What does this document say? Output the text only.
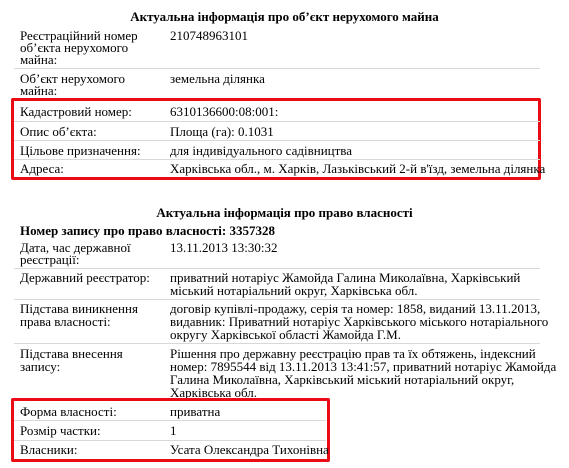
Актуальна інформація про об’єкт нерухомого майна
Реєстраційний номер
об’єкта нерухомого
майна:
210748963101
Об’єкт нерухомого
майна:
земельна ділянка
Кадастровий номер:	6310136600:08:001:
Опис об’єкта:	Площа (га): 0.1031
Цільове призначення: для індивідуального садівництва
Адреса:	Харківська обл., м. Харків, Лазьківський 2-й в'їзд, земельна ділянка
Актуальна інформація про право власності
Номер запису про право власності: 3357328
Дата, час державної
реєстрації:
13.11.2013 13:30:32
Державний реєстратор: приватний нотаріус Жамойда Галина Миколаївна, Харківський
міський нотаріальний округ, Харківська обл.
Підстава виникнення
права власності:
договір купівлі-продажу, серія та номер: 1858, виданий 13.11.2013,
видавник: Приватний нотаріус Харківського міського нотаріального
округу Харківської області Жамойда Г.М.
Підстава внесення
запису:
Рішення про державну реєстрацію прав та їх обтяжень, індексний
номер: 7895544 від 13.11.2013 13:41:57, приватний нотаріус Жамойда
Галина Миколаївна, Харківський міський нотаріальний округ,
Харківська обл.
Форма власності:	приватна
Розмір частки:	1
Власники:	Усата Олександра Тихонівна
